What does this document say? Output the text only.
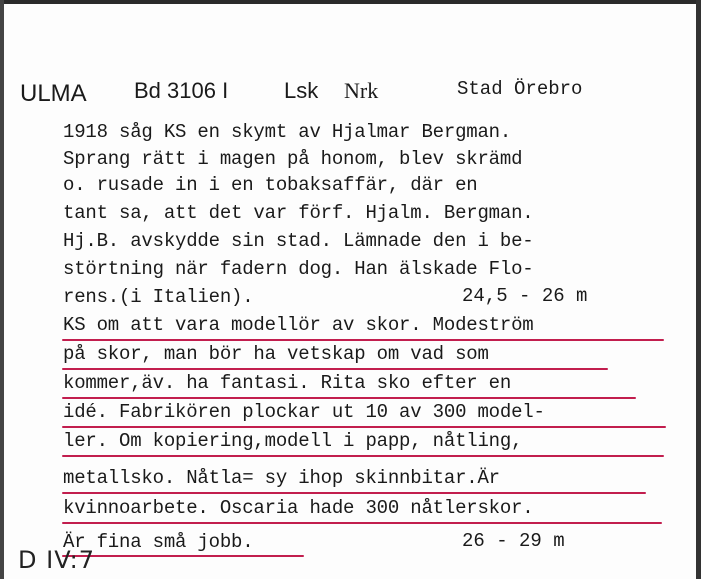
ULMA Bd 3106 I	Lsk Nrk	Stad Örebro
1918 såg KS en skymt av Hjalmar Bergman.
Sprang rätt i magen på honom, blev skrämd
o. rusade in i en tobaksaffär, där en
tant sa, att det var förf. Hjalm. Bergman.
Hj.B. avskydde sin stad. Lämnade den i be-
störtning när fadern dog. Han älskade Flo-
rens.(i Italien).	24,5 - 26 m
KS om att vara modellör av skor. Modeström
på skor, man bör ha vetskap om vad som
kommer,äv. ha fantasi. Rita sko efter en
idé. Fabrikören plockar ut 10 av 300 model-
ler. Om kopiering,modell i papp, nåtling,
metallsko. Nåtla= sy ihop skinnbitar.Är
kvinnoarbete. Oscaria hade 300 nåtlerskor.
Är fina små jobb.	26 - 29 m
D IV:7
